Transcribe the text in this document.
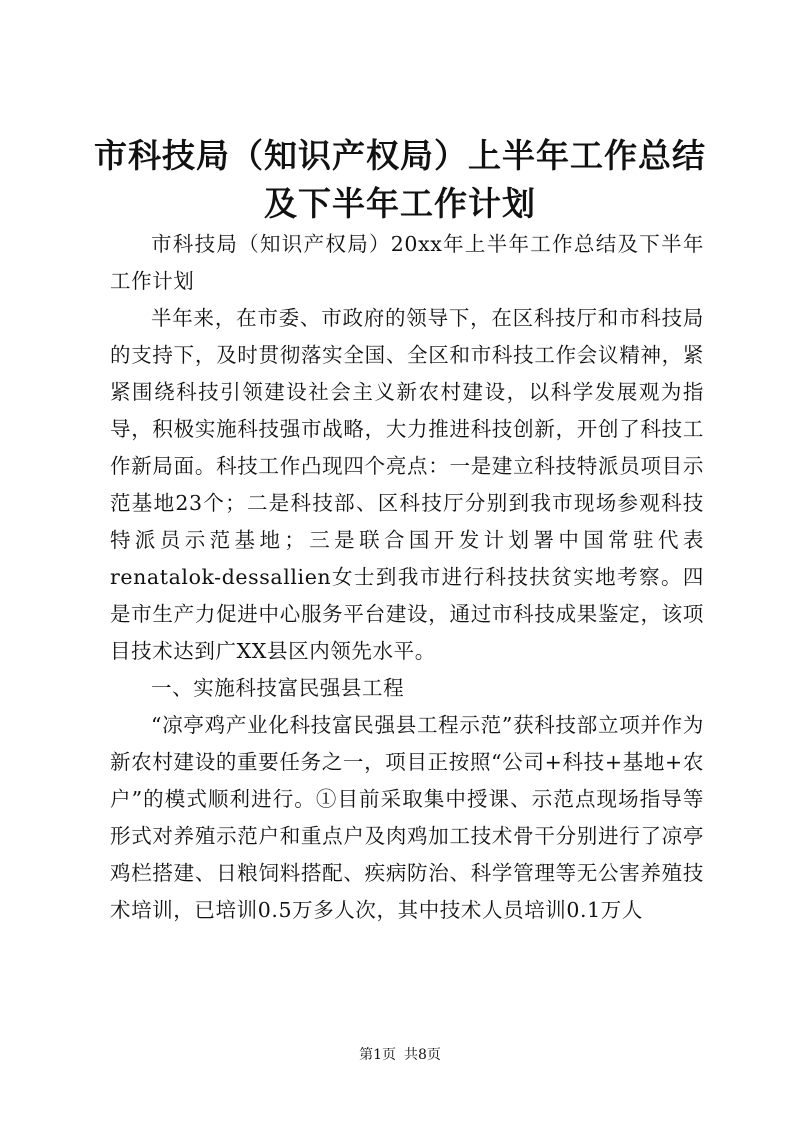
市科技局（知识产权局）上半年工作总结及下半年工作计划

市科技局（知识产权局）20xx年上半年工作总结及下半年工作计划

半年来，在市委、市政府的领导下，在区科技厅和市科技局的支持下，及时贯彻落实全国、全区和市科技工作会议精神，紧紧围绕科技引领建设社会主义新农村建设，以科学发展观为指导，积极实施科技强市战略，大力推进科技创新，开创了科技工作新局面。科技工作凸现四个亮点：一是建立科技特派员项目示范基地23个；二是科技部、区科技厅分别到我市现场参观科技特派员示范基地；三是联合国开发计划署中国常驻代表renatalok-dessallien女士到我市进行科技扶贫实地考察。四是市生产力促进中心服务平台建设，通过市科技成果鉴定，该项目技术达到广XX县区内领先水平。

一、实施科技富民强县工程

“凉亭鸡产业化科技富民强县工程示范”获科技部立项并作为新农村建设的重要任务之一，项目正按照“公司+科技+基地+农户”的模式顺利进行。①目前采取集中授课、示范点现场指导等形式对养殖示范户和重点户及肉鸡加工技术骨干分别进行了凉亭鸡栏搭建、日粮饲料搭配、疾病防治、科学管理等无公害养殖技术培训，已培训0.5万多人次，其中技术人员培训0.1万人

第1页 共8页
